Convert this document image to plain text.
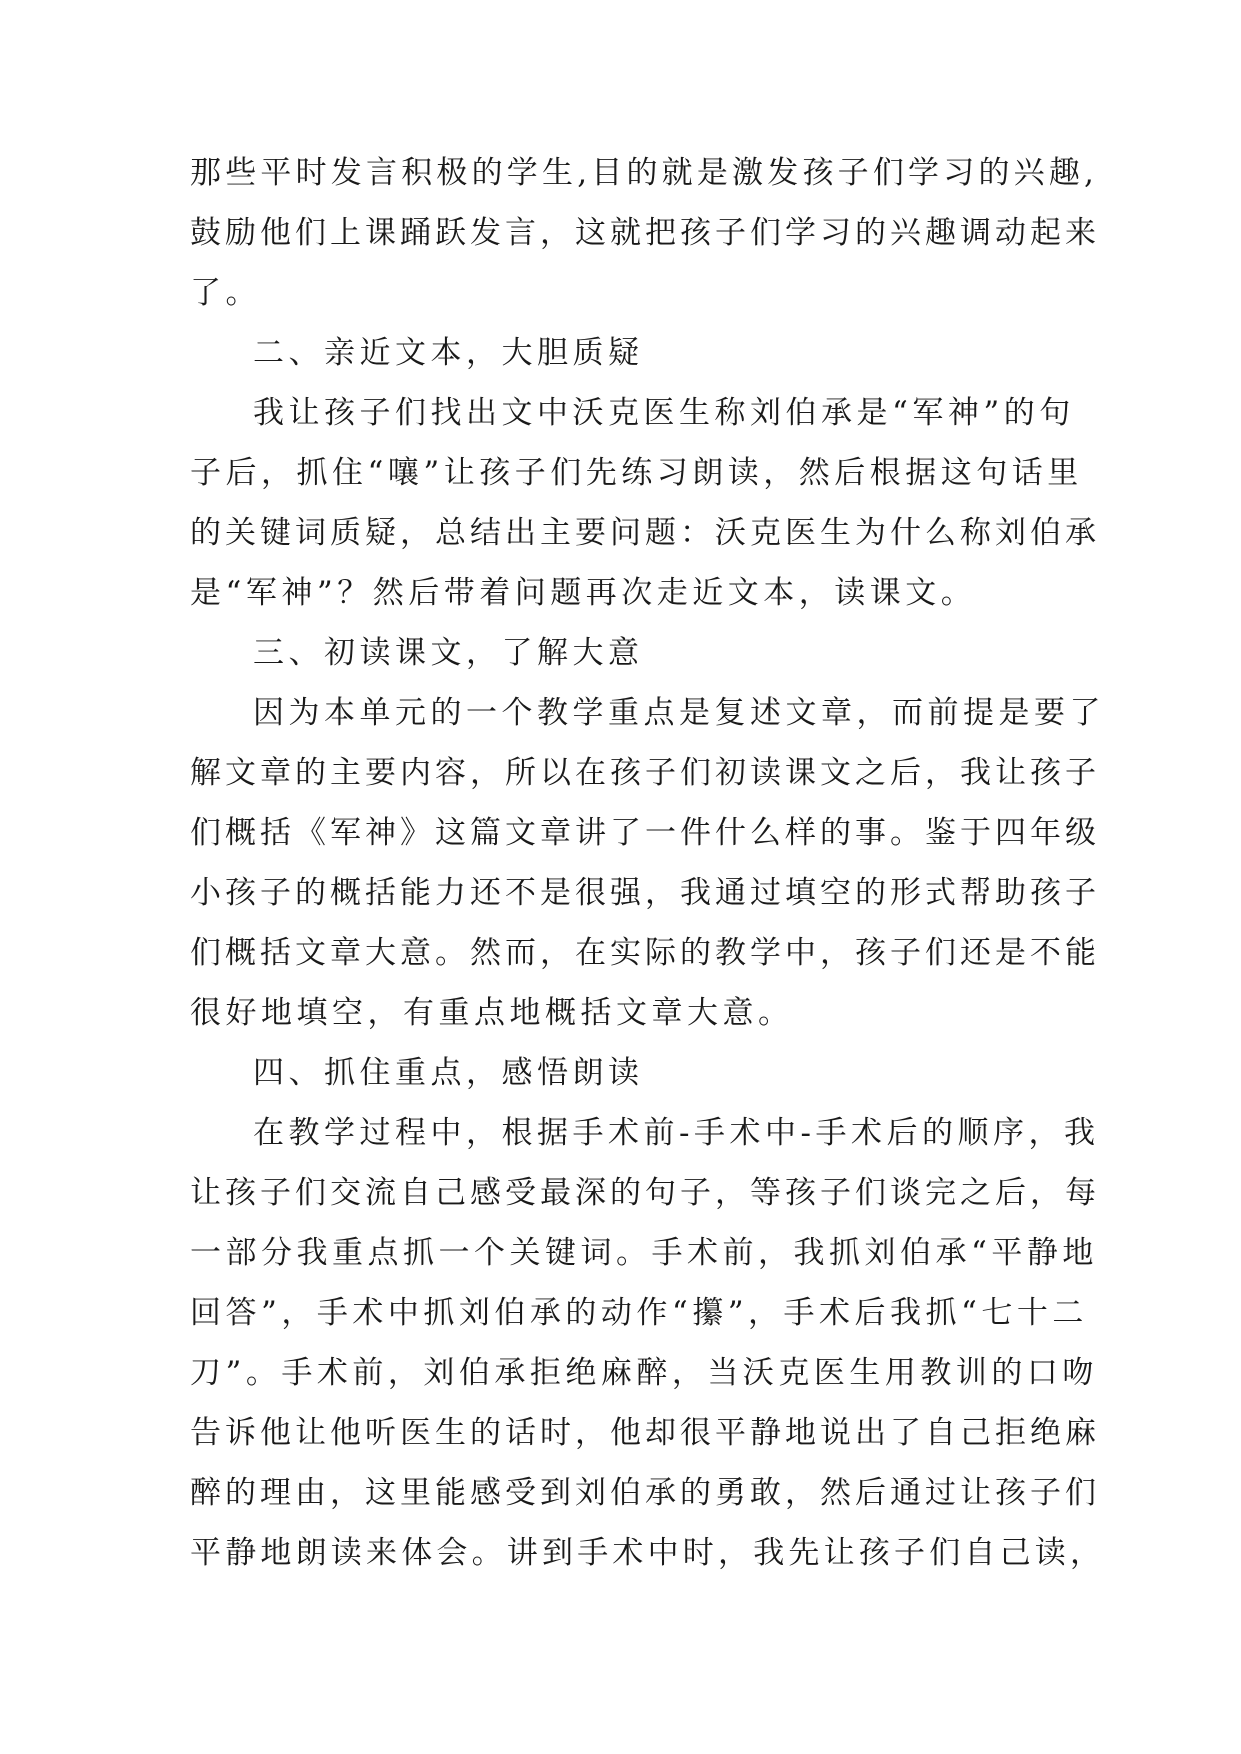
那些平时发言积极的学生,目的就是激发孩子们学习的兴趣,
鼓励他们上课踊跃发言，这就把孩子们学习的兴趣调动起来
了。
二、亲近文本，大胆质疑
我让孩子们找出文中沃克医生称刘伯承是“军神”的句
子后，抓住“嚷”让孩子们先练习朗读，然后根据这句话里
的关键词质疑，总结出主要问题：沃克医生为什么称刘伯承
是“军神”？然后带着问题再次走近文本，读课文。
三、初读课文，了解大意
因为本单元的一个教学重点是复述文章，而前提是要了
解文章的主要内容，所以在孩子们初读课文之后，我让孩子
们概括《军神》这篇文章讲了一件什么样的事。鉴于四年级
小孩子的概括能力还不是很强，我通过填空的形式帮助孩子
们概括文章大意。然而，在实际的教学中，孩子们还是不能
很好地填空，有重点地概括文章大意。
四、抓住重点，感悟朗读
在教学过程中，根据手术前-手术中-手术后的顺序，我
让孩子们交流自己感受最深的句子，等孩子们谈完之后，每
一部分我重点抓一个关键词。手术前，我抓刘伯承“平静地
回答”，手术中抓刘伯承的动作“攥”，手术后我抓“七十二
刀”。手术前，刘伯承拒绝麻醉，当沃克医生用教训的口吻
告诉他让他听医生的话时，他却很平静地说出了自己拒绝麻
醉的理由，这里能感受到刘伯承的勇敢，然后通过让孩子们
平静地朗读来体会。讲到手术中时，我先让孩子们自己读，
